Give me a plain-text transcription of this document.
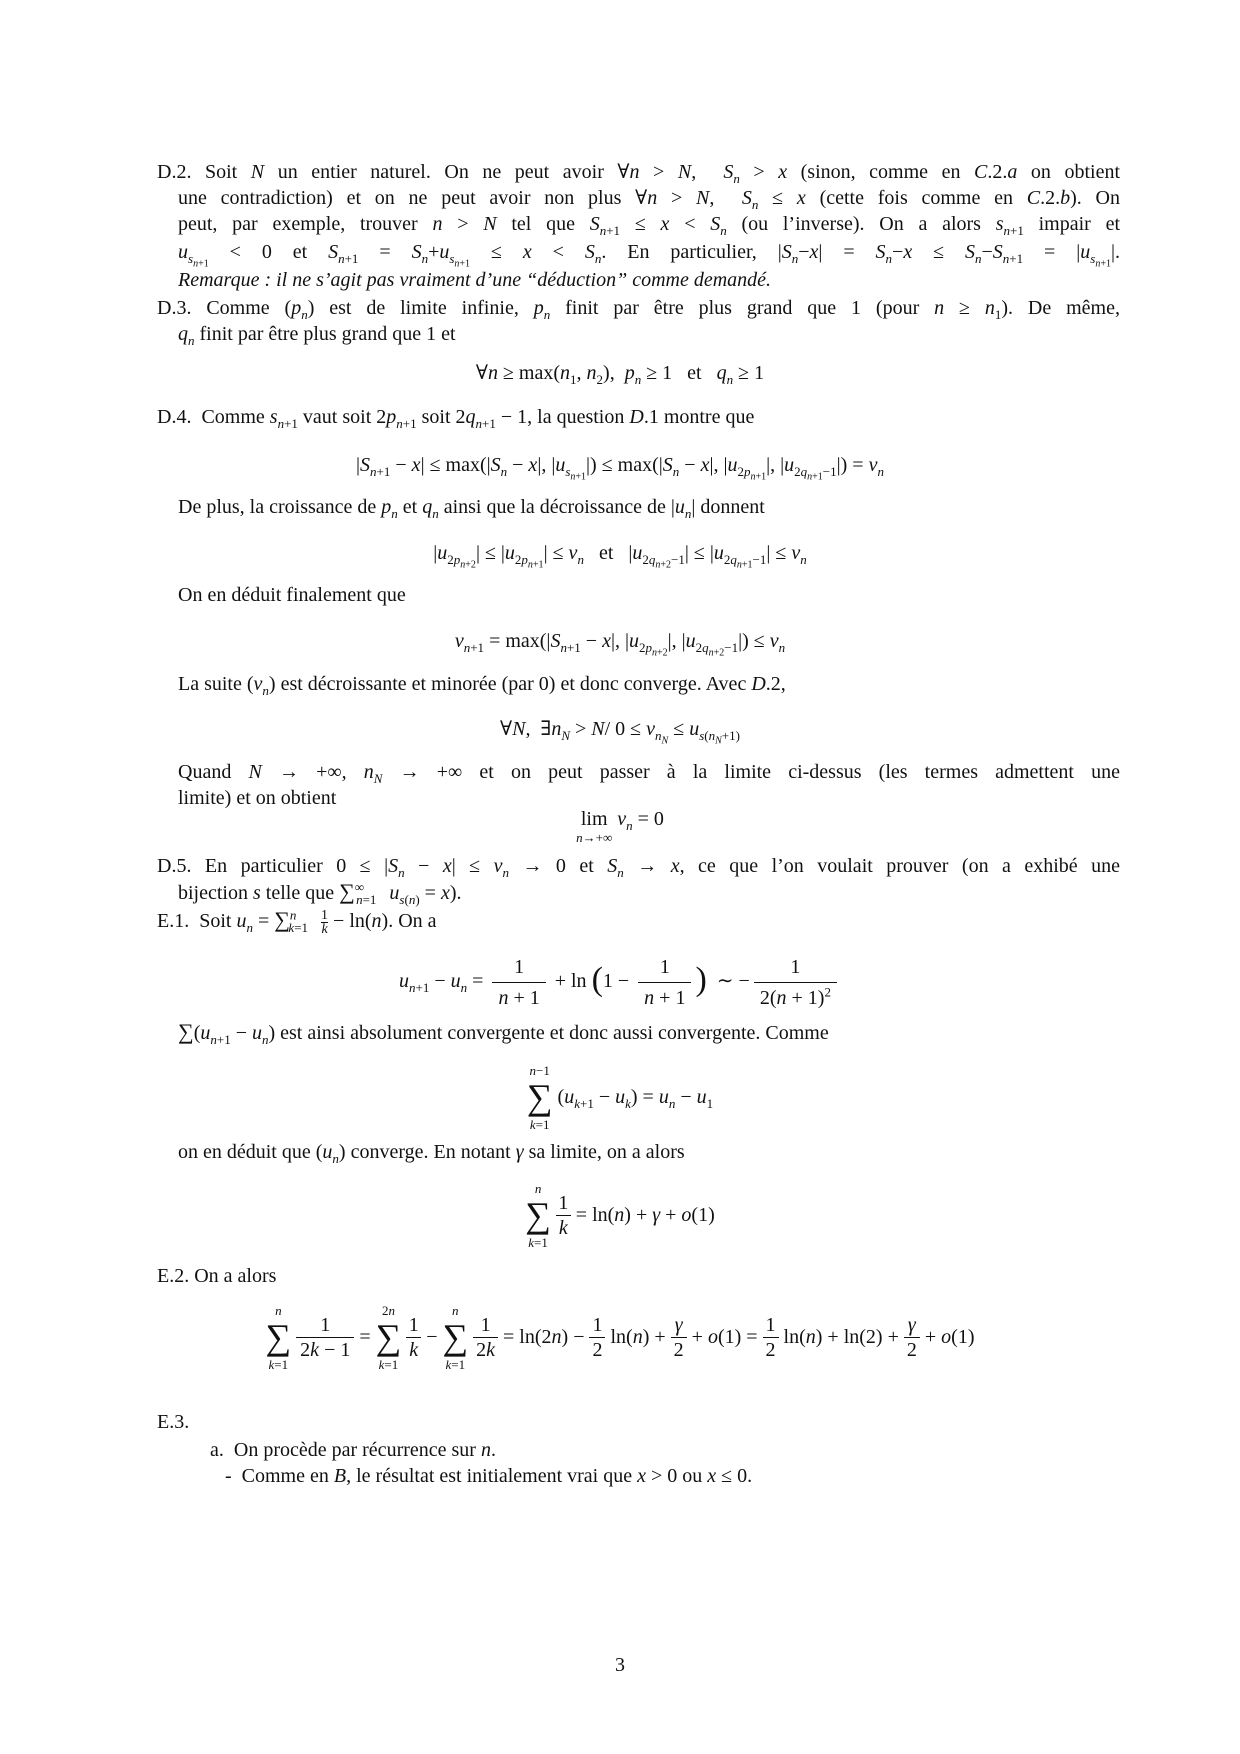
D.2. Soit N un entier naturel. On ne peut avoir ∀n > N,  $S_n > x$ (sinon, comme en C.2.a on obtient
une contradiction) et on ne peut avoir non plus ∀n > N,  $S_n \le x$ (cette fois comme en C.2.b). On
peut, par exemple, trouver n > N tel que $S_{n+1} \le x < S_n$ (ou l’inverse). On a alors $s_{n+1}$ impair et
$u_{s_{n+1}} < 0$ et $S_{n+1} = S_n+u_{s_{n+1}} \le x < S_n$. En particulier, $|S_n-x| = S_n-x \le S_n-S_{n+1} = |u_{s_{n+1}}|$.
Remarque : il ne s’agit pas vraiment d’une “déduction” comme demandé.
D.3. Comme $(p_n)$ est de limite infinie, $p_n$ finit par être plus grand que 1 (pour $n \ge n_1$). De même,
$q_n$ finit par être plus grand que 1 et
∀n ≥ $\max(n_1$, $n_2$),  $p_n \ge 1$   et   $q_n \ge 1$
D.4.  Comme $s_{n+1}$ vaut soit $2p_{n+1}$ soit $2q_{n+1} - 1$, la question D.1 montre que
$|S_{n+1} - x| \le \max(|S_n - x|$, $|u_{s_{n+1}}|) \le \max(|S_n - x|$, $|u_{2p_{n+1}}|$, $|u_{2q_{n+1}-1}|) = v_n$
De plus, la croissance de $p_n$ et $q_n$ ainsi que la décroissance de $|u_n|$ donnent
$|u_{2p_{n+2}}| \le |u_{2p_{n+1}}| \le v_n$   et   $|u_{2q_{n+2}-1}| \le |u_{2q_{n+1}-1}| \le v_n$
On en déduit finalement que
$v_{n+1} = \max(|S_{n+1} - x|$, $|u_{2p_{n+2}}|$, $|u_{2q_{n+2}-1}|) \le v_n$
La suite $(v_n)$ est décroissante et minorée (par 0) et donc converge. Avec D.2,
∀N,  $\exists n_N > N/$ $0 \le v_{n_N} \le u_{s(n_N+1)}$
Quand N → +∞, $n_N$ → +∞ et on peut passer à la limite ci-dessus (les termes admettent une
limite) et on obtient
lim

n→+∞
$v_n = 0$
D.5. En particulier $0 \le |S_n - x| \le v_n \to 0$ et $S_n \to x$, ce que l’on voulait prouver (on a exhibé une
bijection s telle que $\sum^\infty_{n=1}$ $u_{s(n)} = x$).
E.1.  Soit $u_n = \sum^n_{k=1}$ 1

k − ln(n). On a
$u_{n+1} - u_n = 1$

n + 1
+ ln (1 − 1

n + 1 )  ∼ −1

$2(n + 1)^2$
$\sum(u_{n+1} - u_n)$ est ainsi absolument convergente et donc aussi convergente. Comme
n−1
∑
k=1 $(u_{k+1} - u_k) = u_n - u_1$
on en déduit que $(u_n)$ converge. En notant γ sa limite, on a alors
n
∑
k=1 1

k
= ln(n) + γ + o(1)
E.2. On a alors
n
∑
k=1 1

2k − 1
= 2n
∑
k=1 1

k
− n
∑
k=1 1

2k
= ln(2n) − 1

2
$\ln(n) + \frac{\gamma}{2} + o(1) = 1$

2
$\ln(n) + \ln(2) + \frac{\gamma}{2} + o(1)$
E.3.
a.  On procède par récurrence sur n.
-  Comme en B, le résultat est initialement vrai que x > 0 ou x ≤ 0.
3
